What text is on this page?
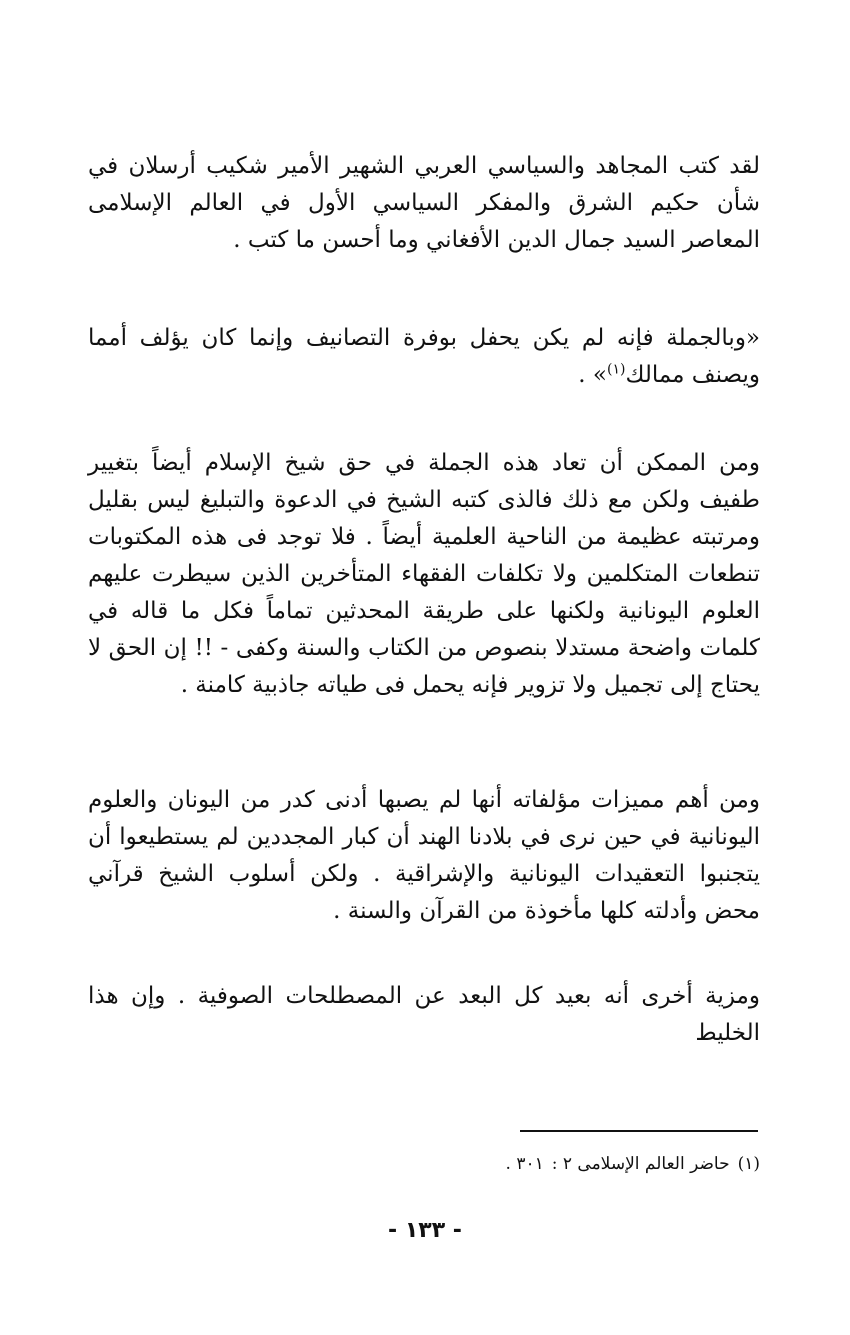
لقد كتب المجاهد والسياسي العربي الشهير الأمير شكيب أرسلان في شأن حكيم الشرق والمفكر السياسي الأول في العالم الإسلامى المعاصر السيد جمال الدين الأفغاني وما أحسن ما كتب .

«وبالجملة فإنه لم يكن يحفل بوفرة التصانيف وإنما كان يؤلف أمما ويصنف ممالك$^{(١)}$» .

ومن الممكن أن تعاد هذه الجملة في حق شيخ الإسلام أيضاً بتغيير طفيف ولكن مع ذلك فالذى كتبه الشيخ في الدعوة والتبليغ ليس بقليل ومرتبته عظيمة من الناحية العلمية أيضاً . فلا توجد فى هذه المكتوبات تنطعات المتكلمين ولا تكلفات الفقهاء المتأخرين الذين سيطرت عليهم العلوم اليونانية ولكنها على طريقة المحدثين تماماً فكل ما قاله في كلمات واضحة مستدلا بنصوص من الكتاب والسنة وكفى - !! إن الحق لا يحتاج إلى تجميل ولا تزوير فإنه يحمل فى طياته جاذبية كامنة .

ومن أهم مميزات مؤلفاته أنها لم يصبها أدنى كدر من اليونان والعلوم اليونانية في حين نرى في بلادنا الهند أن كبار المجددين لم يستطيعوا أن يتجنبوا التعقيدات اليونانية والإشراقية . ولكن أسلوب الشيخ قرآني محض وأدلته كلها مأخوذة من القرآن والسنة .

ومزية أخرى أنه بعيد كل البعد عن المصطلحات الصوفية . وإن هذا الخليط

(١)حاضر العالم الإسلامى ٢ :٣٠١ .
- ١٣٣ -
